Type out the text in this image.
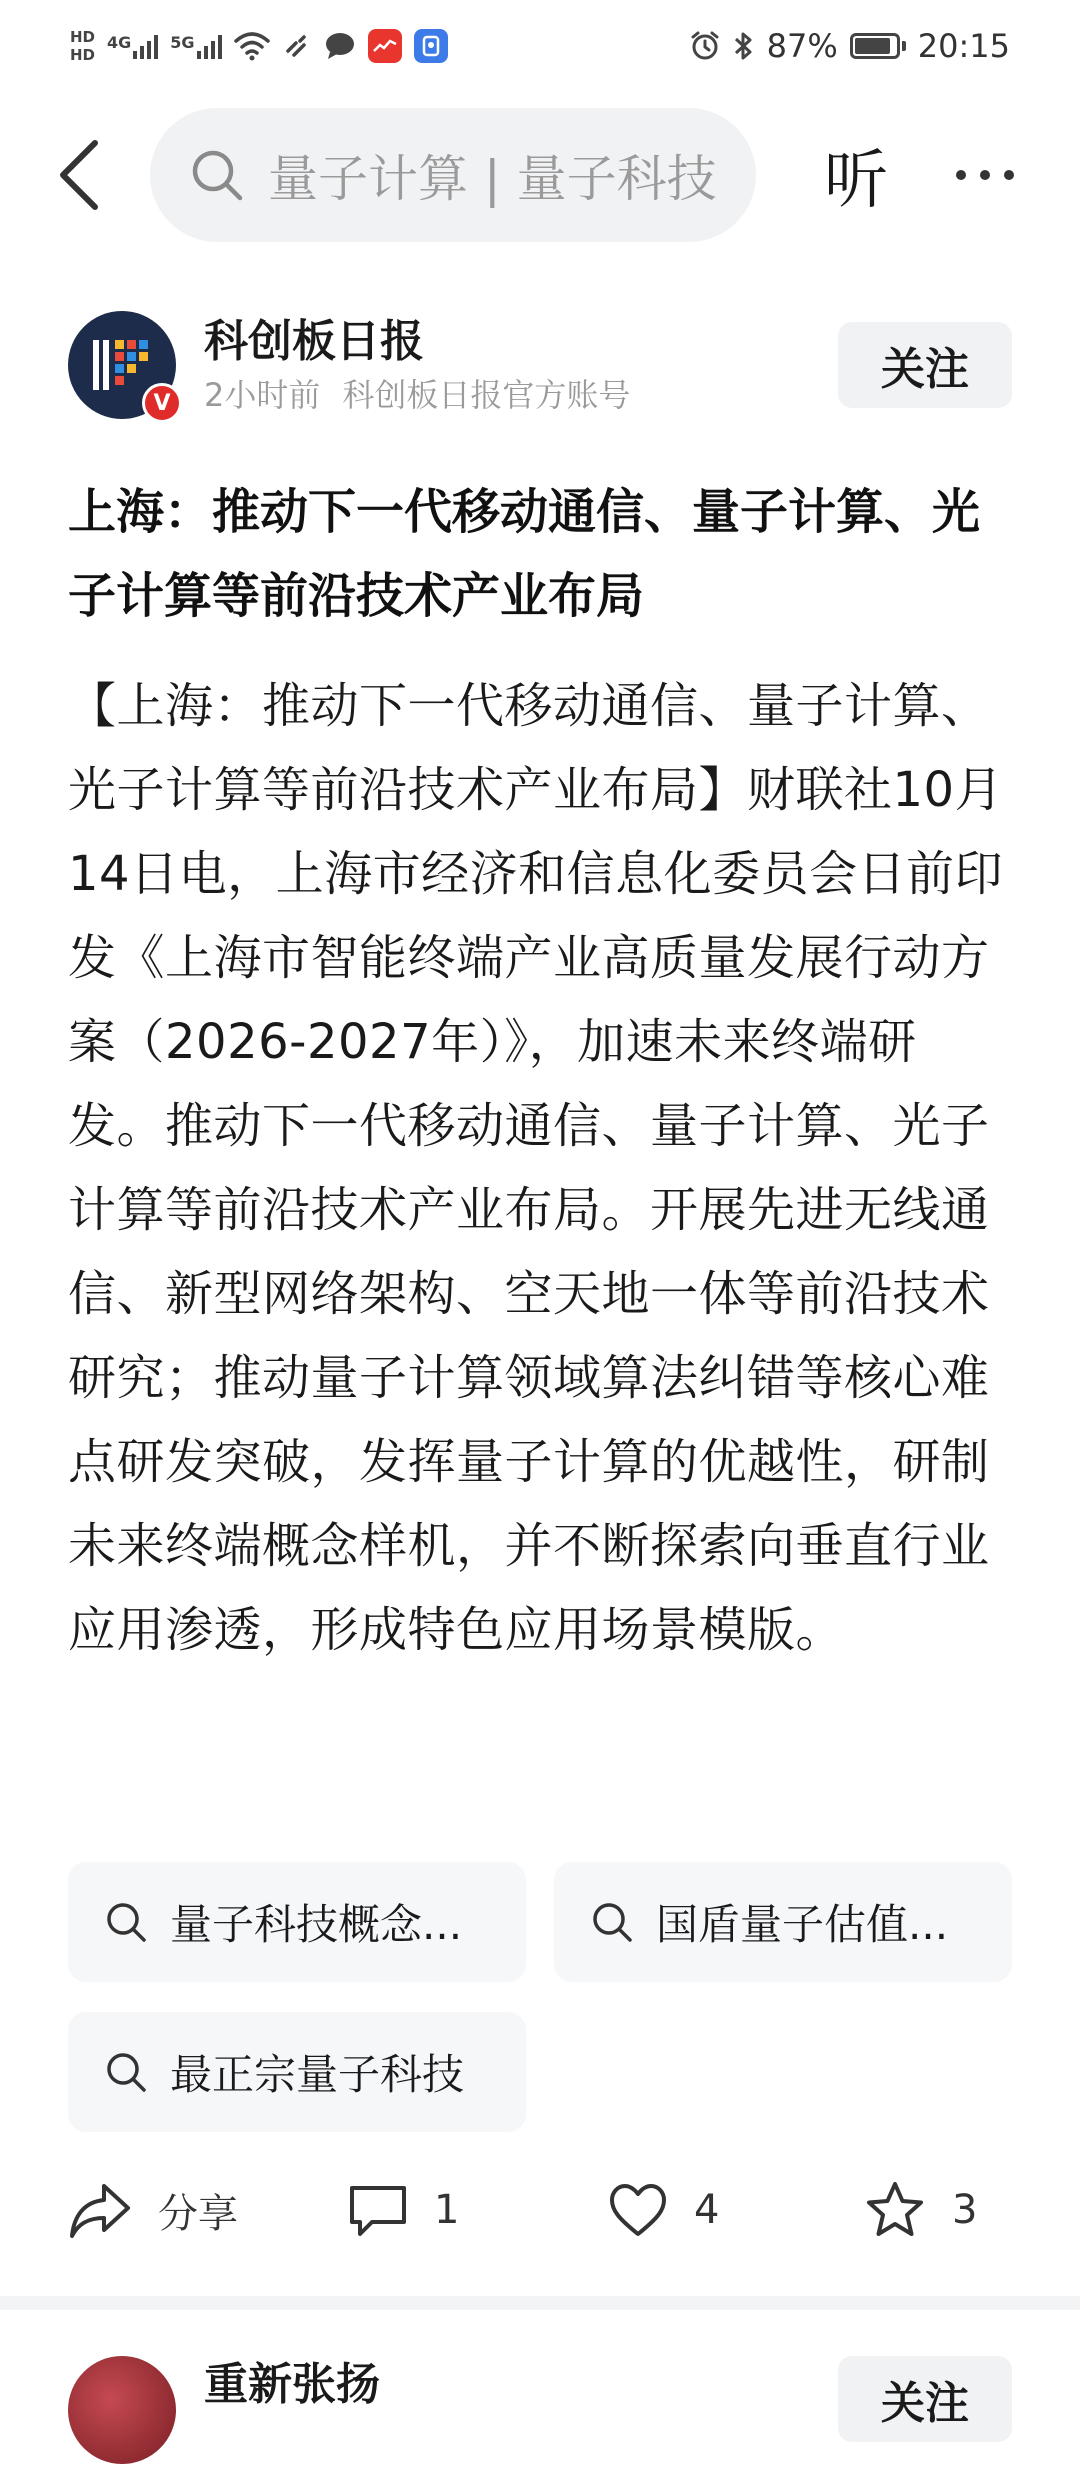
HD
HD
4G 5G	87%	20:15
量子计算 | 量子科技 听
V
科创板日报
2小时前 科创板日报官方账号	关注
上海：推动下一代移动通信、量子计算、光子计算等前沿技术产业布局
【上海：推动下一代移动通信、量子计算、光子计算等前沿技术产业布局】财联社10月14日电，上海市经济和信息化委员会日前印发《上海市智能终端产业高质量发展行动方案（2026-2027年）》，加速未来终端研发。推动下一代移动通信、量子计算、光子计算等前沿技术产业布局。开展先进无线通信、新型网络架构、空天地一体等前沿技术研究；推动量子计算领域算法纠错等核心难点研发突破，发挥量子计算的优越性，研制未来终端概念样机，并不断探索向垂直行业应用渗透，形成特色应用场景模版。
量子科技概念...	国盾量子估值...
最正宗量子科技
分享	1	4	3
重新张扬	关注
